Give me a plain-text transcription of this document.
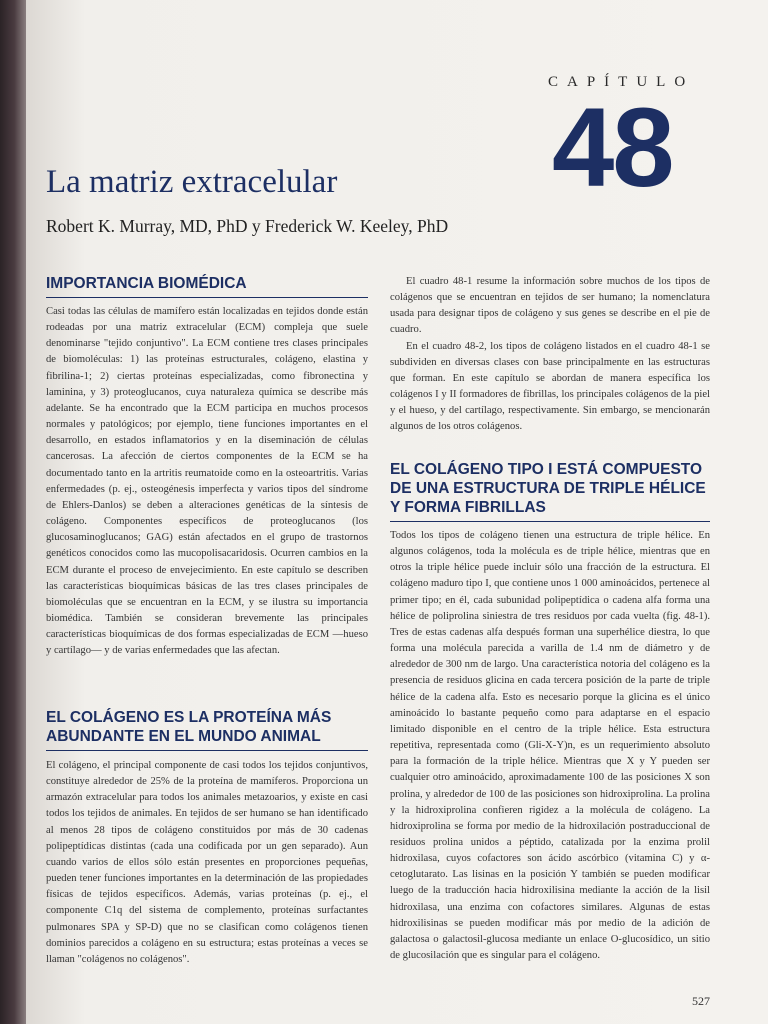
CAPÍTULO
48
La matriz extracelular
Robert K. Murray, MD, PhD y Frederick W. Keeley, PhD
IMPORTANCIA BIOMÉDICA

Casi todas las células de mamífero están localizadas en tejidos donde están rodeadas por una matriz extracelular (ECM) compleja que suele denominarse "tejido conjuntivo". La ECM contiene tres clases principales de biomoléculas: 1) las proteínas estructurales, colágeno, elastina y fibrilina-1; 2) ciertas proteínas especializadas, como fibronectina y laminina, y 3) proteoglucanos, cuya naturaleza química se describe más adelante. Se ha encontrado que la ECM participa en muchos procesos normales y patológicos; por ejemplo, tiene funciones importantes en el desarrollo, en estados inflamatorios y en la diseminación de células cancerosas. La afección de ciertos componentes de la ECM se ha documentado tanto en la artritis reumatoide como en la osteoartritis. Varias enfermedades (p. ej., osteogénesis imperfecta y varios tipos del síndrome de Ehlers-Danlos) se deben a alteraciones genéticas de la síntesis de colágeno. Componentes específicos de proteoglucanos (los glucosaminoglucanos; GAG) están afectados en el grupo de trastornos genéticos conocidos como las mucopolisacaridosis. Ocurren cambios en la ECM durante el proceso de envejecimiento. En este capítulo se describen las características bioquímicas básicas de las tres clases principales de biomoléculas que se encuentran en la ECM, y se ilustra su importancia biomédica. También se consideran brevemente las principales características bioquímicas de dos formas especializadas de ECM —hueso y cartílago— y de varias enfermedades que las afectan.

EL COLÁGENO ES LA PROTEÍNA MÁS ABUNDANTE EN EL MUNDO ANIMAL

El colágeno, el principal componente de casi todos los tejidos conjuntivos, constituye alrededor de 25% de la proteína de mamíferos. Proporciona un armazón extracelular para todos los animales metazoarios, y existe en casi todos los tejidos de animales. En tejidos de ser humano se han identificado al menos 28 tipos de colágeno constituidos por más de 30 cadenas polipeptídicas distintas (cada una codificada por un gen separado). Aun cuando varios de ellos sólo están presentes en proporciones pequeñas, pueden tener funciones importantes en la determinación de las propiedades físicas de tejidos específicos. Además, varias proteínas (p. ej., el componente C1q del sistema de complemento, proteínas surfactantes pulmonares SPA y SP-D) que no se clasifican como colágenos tienen dominios parecidos a colágeno en su estructura; estas proteínas a veces se llaman "colágenos no colágenos".

El cuadro 48-1 resume la información sobre muchos de los tipos de colágenos que se encuentran en tejidos de ser humano; la nomenclatura usada para designar tipos de colágeno y sus genes se describe en el pie de cuadro.

En el cuadro 48-2, los tipos de colágeno listados en el cuadro 48-1 se subdividen en diversas clases con base principalmente en las estructuras que forman. En este capítulo se abordan de manera específica los colágenos I y II formadores de fibrillas, los principales colágenos de la piel y el hueso, y del cartílago, respectivamente. Sin embargo, se mencionarán algunos de los otros colágenos.

EL COLÁGENO TIPO I ESTÁ COMPUESTO DE UNA ESTRUCTURA DE TRIPLE HÉLICE Y FORMA FIBRILLAS

Todos los tipos de colágeno tienen una estructura de triple hélice. En algunos colágenos, toda la molécula es de triple hélice, mientras que en otros la triple hélice puede incluir sólo una fracción de la estructura. El colágeno maduro tipo I, que contiene unos 1 000 aminoácidos, pertenece al primer tipo; en él, cada subunidad polipeptídica o cadena alfa forma una hélice de poliprolina siniestra de tres residuos por cada vuelta (fig. 48-1). Tres de estas cadenas alfa después forman una superhélice diestra, lo que forma una molécula parecida a varilla de 1.4 nm de diámetro y de alrededor de 300 nm de largo. Una característica notoria del colágeno es la presencia de residuos glicina en cada tercera posición de la parte de triple hélice de la cadena alfa. Esto es necesario porque la glicina es el único aminoácido lo bastante pequeño como para adaptarse en el espacio limitado disponible en el centro de la triple hélice. Esta estructura repetitiva, representada como (Gli-X-Y)n, es un requerimiento absoluto para la formación de la triple hélice. Mientras que X y Y pueden ser cualquier otro aminoácido, aproximadamente 100 de las posiciones X son prolina, y alrededor de 100 de las posiciones son hidroxiprolina. La prolina y la hidroxiprolina confieren rigidez a la molécula de colágeno. La hidroxiprolina se forma por medio de la hidroxilación postraduccional de residuos prolina unidos a péptido, catalizada por la enzima prolil hidroxilasa, cuyos cofactores son ácido ascórbico (vitamina C) y α-cetoglutarato. Las lisinas en la posición Y también se pueden modificar luego de la traducción hacia hidroxilisina mediante la acción de la lisil hidroxilasa, una enzima con cofactores similares. Algunas de estas hidroxilisinas se pueden modificar más por medio de la adición de galactosa o galactosil-glucosa mediante un enlace O-glucosídico, un sitio de glucosilación que es singular para el colágeno.

527
